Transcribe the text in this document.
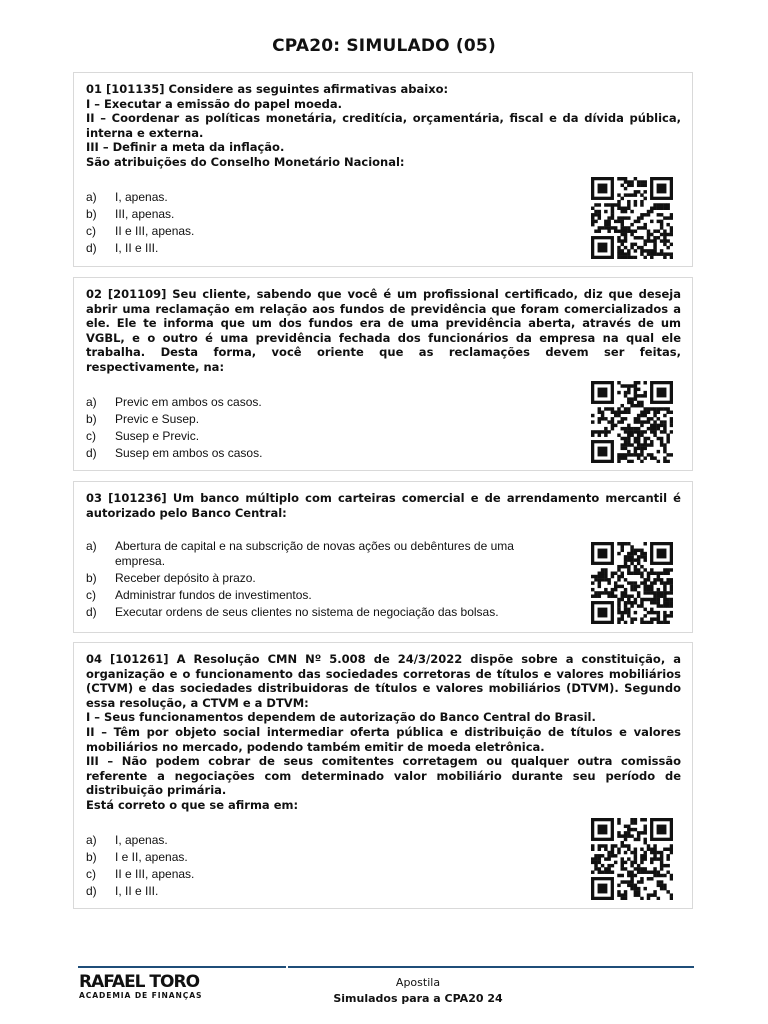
CPA20: SIMULADO (05)
01 [101135] Considere as seguintes afirmativas abaixo:
I – Executar a emissão do papel moeda.
II – Coordenar as políticas monetária, creditícia, orçamentária, fiscal e da dívida pública, interna e externa.
III – Definir a meta da inflação.
São atribuições do Conselho Monetário Nacional:
a)	I, apenas.
b)	III, apenas.
c)	II e III, apenas.
d)	I, II e III.
02 [201109] Seu cliente, sabendo que você é um profissional certificado, diz que deseja abrir uma reclamação em relação aos fundos de previdência que foram comercializados a ele. Ele te informa que um dos fundos era de uma previdência aberta, através de um VGBL, e o outro é uma previdência fechada dos funcionários da empresa na qual ele trabalha. Desta forma, você oriente que as reclamações devem ser feitas, respectivamente, na:
a)	Previc em ambos os casos.
b)	Previc e Susep.
c)	Susep e Previc.
d)	Susep em ambos os casos.
03 [101236] Um banco múltiplo com carteiras comercial e de arrendamento mercantil é autorizado pelo Banco Central:
a)	Abertura de capital e na subscrição de novas ações ou debêntures de uma empresa.
b)	Receber depósito à prazo.
c)	Administrar fundos de investimentos.
d)	Executar ordens de seus clientes no sistema de negociação das bolsas.
04 [101261] A Resolução CMN Nº 5.008 de 24/3/2022 dispõe sobre a constituição, a organização e o funcionamento das sociedades corretoras de títulos e valores mobiliários (CTVM) e das sociedades distribuidoras de títulos e valores mobiliários (DTVM). Segundo essa resolução, a CTVM e a DTVM:
I – Seus funcionamentos dependem de autorização do Banco Central do Brasil.
II – Têm por objeto social intermediar oferta pública e distribuição de títulos e valores mobiliários no mercado, podendo também emitir de moeda eletrônica.
III – Não podem cobrar de seus comitentes corretagem ou qualquer outra comissão referente a negociações com determinado valor mobiliário durante seu período de distribuição primária.
Está correto o que se afirma em:
a)	I, apenas.
b)	I e II, apenas.
c)	II e III, apenas.
d)	I, II e III.
RAFAEL TORO
ACADEMIA DE FINANÇAS
Apostila
Simulados para a CPA20 24
